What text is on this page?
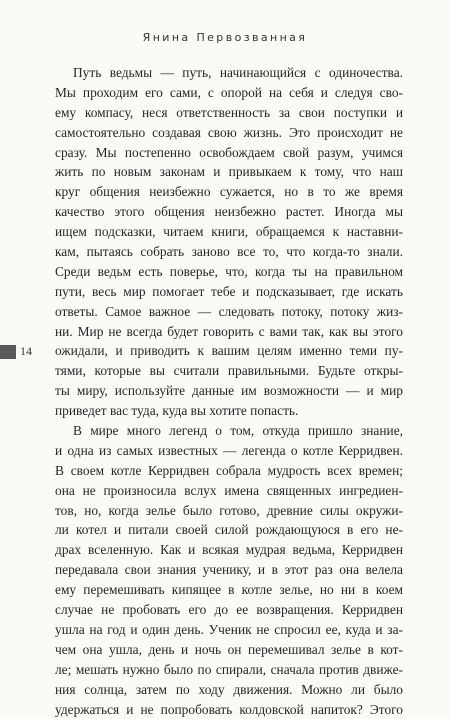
Янина Первозванная
Путь ведьмы — путь, начинающийся с одиночества.
Мы проходим его сами, с опорой на себя и следуя сво-
ему компасу, неся ответственность за свои поступки и
самостоятельно создавая свою жизнь. Это происходит не
сразу. Мы постепенно освобождаем свой разум, учимся
жить по новым законам и привыкаем к тому, что наш
круг общения неизбежно сужается, но в то же время
качество этого общения неизбежно растет. Иногда мы
ищем подсказки, читаем книги, обращаемся к наставни-
кам, пытаясь собрать заново все то, что когда-то знали.
Среди ведьм есть поверье, что, когда ты на правильном
пути, весь мир помогает тебе и подсказывает, где искать
ответы. Самое важное — следовать потоку, потоку жиз-
ни. Мир не всегда будет говорить с вами так, как вы этого
ожидали, и приводить к вашим целям именно теми пу-
тями, которые вы считали правильными. Будьте откры-
ты миру, используйте данные им возможности — и мир
приведет вас туда, куда вы хотите попасть.
В мире много легенд о том, откуда пришло знание,
и одна из самых известных — легенда о котле Керридвен.
В своем котле Керридвен собрала мудрость всех времен;
она не произносила вслух имена священных ингредиен-
тов, но, когда зелье было готово, древние силы окружи-
ли котел и питали своей силой рождающуюся в его не-
драх вселенную. Как и всякая мудрая ведьма, Керридвен
передавала свои знания ученику, и в этот раз она велела
ему перемешивать кипящее в котле зелье, но ни в коем
случае не пробовать его до ее возвращения. Керридвен
ушла на год и один день. Ученик не спросил ее, куда и за-
чем она ушла, день и ночь он перемешивал зелье в кот-
ле; мешать нужно было по спирали, сначала против движе-
ния солнца, затем по ходу движения. Можно ли было
удержаться и не попробовать колдовской напиток? Этого
14
